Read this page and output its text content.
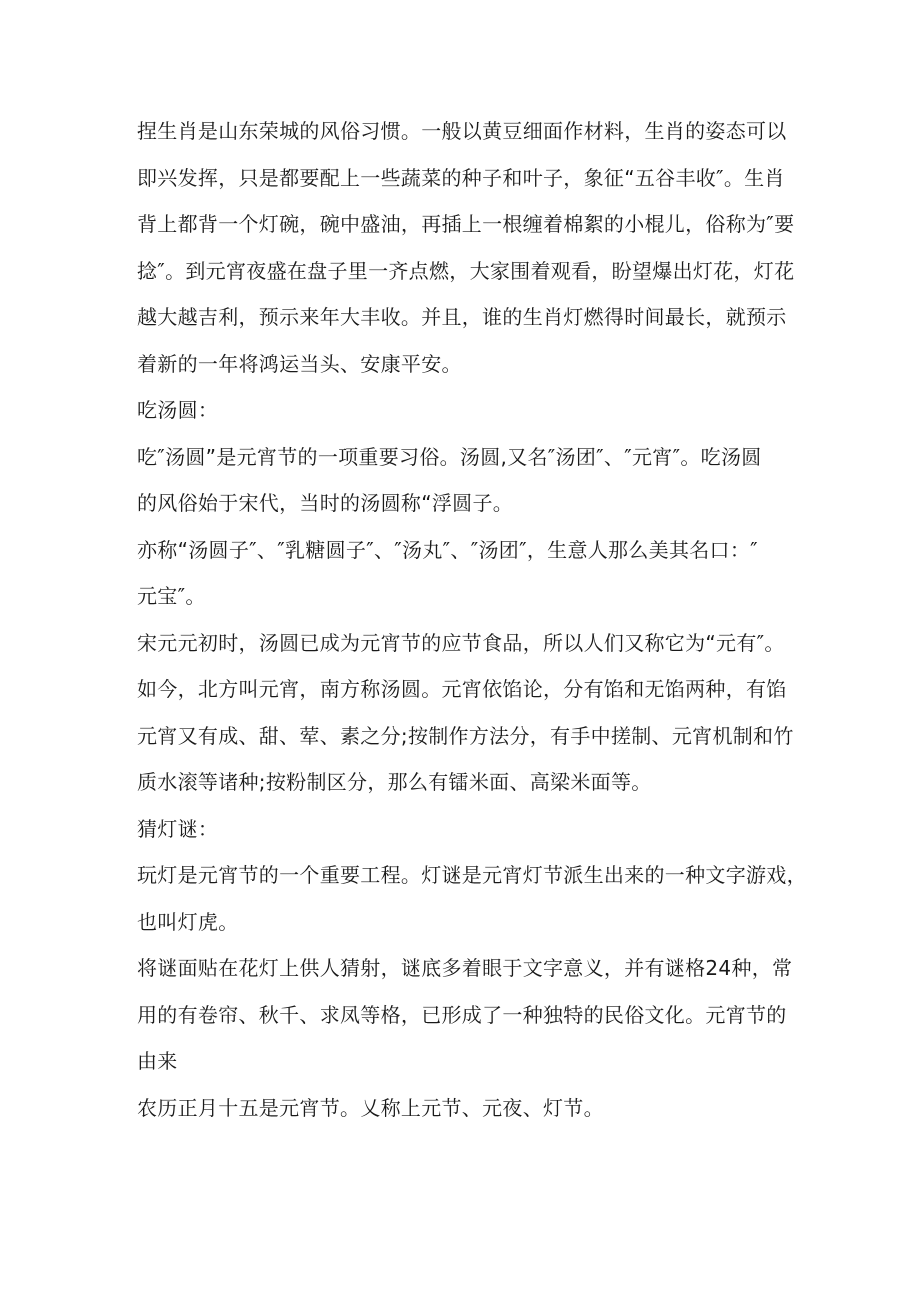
捏生肖是山东荣城的风俗习惯。一般以黄豆细面作材料，生肖的姿态可以
即兴发挥，只是都要配上一些蔬菜的种子和叶子，象征“五谷丰收″。生肖
背上都背一个灯碗，碗中盛油，再插上一根缠着棉絮的小棍儿，俗称为″要
捻″。到元宵夜盛在盘子里一齐点燃，大家围着观看，盼望爆出灯花，灯花
越大越吉利，预示来年大丰收。并且，谁的生肖灯燃得时间最长，就预示
着新的一年将鸿运当头、安康平安。
吃汤圆：
吃″汤圆”是元宵节的一项重要习俗。汤圆,又名″汤团″、″元宵″。吃汤圆
的风俗始于宋代，当时的汤圆称“浮圆子。
亦称“汤圆子″、″乳糖圆子″、″汤丸″、″汤团″，生意人那么美其名口：″
元宝″。
宋元元初时，汤圆已成为元宵节的应节食品，所以人们又称它为“元有″。
如今，北方叫元宵，南方称汤圆。元宵依馅论，分有馅和无馅两种，有馅
元宵又有成、甜、荤、素之分;按制作方法分，有手中搓制、元宵机制和竹
质水滚等诸种;按粉制区分，那么有镭米面、高梁米面等。
猜灯谜：
玩灯是元宵节的一个重要工程。灯谜是元宵灯节派生出来的一种文字游戏，
也叫灯虎。
将谜面贴在花灯上供人猜射，谜底多着眼于文字意义，并有谜格24种，常
用的有卷帘、秋千、求凤等格，已形成了一种独特的民俗文化。元宵节的
由来
农历正月十五是元宵节。乂称上元节、元夜、灯节。
